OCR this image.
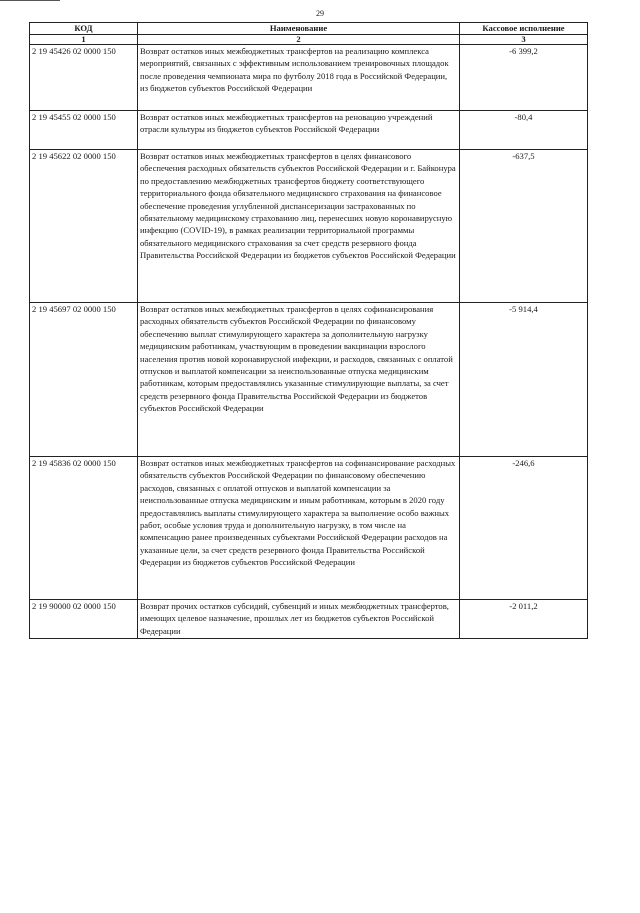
29
КОД	Наименование	Кассовое исполнение
1	2	3
2 19 45426 02 0000 150	Возврат остатков иных межбюджетных трансфертов на реализацию комплекса мероприятий, связанных с эффективным использованием тренировочных площадок после проведения чемпионата мира по футболу 2018 года в Российской Федерации, из бюджетов субъектов Российской Федерации	-6 399,2
2 19 45455 02 0000 150	Возврат остатков иных межбюджетных трансфертов на реновацию учреждений отрасли культуры из бюджетов субъектов Российской Федерации	-80,4
2 19 45622 02 0000 150	Возврат остатков иных межбюджетных трансфертов в целях финансового обеспечения расходных обязательств субъектов Российской Федерации и г. Байконура по предоставлению межбюджетных трансфертов бюджету соответствующего территориального фонда обязательного медицинского страхования на финансовое обеспечение проведения углубленной диспансеризации застрахованных по обязательному медицинскому страхованию лиц, перенесших новую коронавирусную инфекцию (COVID-19), в рамках реализации территориальной программы обязательного медицинского страхования за счет средств резервного фонда Правительства Российской Федерации из бюджетов субъектов Российской Федерации	-637,5
2 19 45697 02 0000 150	Возврат остатков иных межбюджетных трансфертов в целях софинансирования расходных обязательств субъектов Российской Федерации по финансовому обеспечению выплат стимулирующего характера за дополнительную нагрузку медицинским работникам, участвующим в проведении вакцинации взрослого населения против новой коронавирусной инфекции, и расходов, связанных с оплатой отпусков и выплатой компенсации за неиспользованные отпуска медицинским работникам, которым предоставлялись указанные стимулирующие выплаты, за счет средств резервного фонда Правительства Российской Федерации из бюджетов субъектов Российской Федерации	-5 914,4
2 19 45836 02 0000 150	Возврат остатков иных межбюджетных трансфертов на софинансирование расходных обязательств субъектов Российской Федерации по финансовому обеспечению расходов, связанных с оплатой отпусков и выплатой компенсации за неиспользованные отпуска медицинским и иным работникам, которым в 2020 году предоставлялись выплаты стимулирующего характера за выполнение особо важных работ, особые условия труда и дополнительную нагрузку, в том числе на компенсацию ранее произведенных субъектами Российской Федерации расходов на указанные цели, за счет средств резервного фонда Правительства Российской Федерации из бюджетов субъектов Российской Федерации	-246,6
2 19 90000 02 0000 150	Возврат прочих остатков субсидий, субвенций и иных межбюджетных трансфертов, имеющих целевое назначение, прошлых лет из бюджетов субъектов Российской Федерации	-2 011,2
